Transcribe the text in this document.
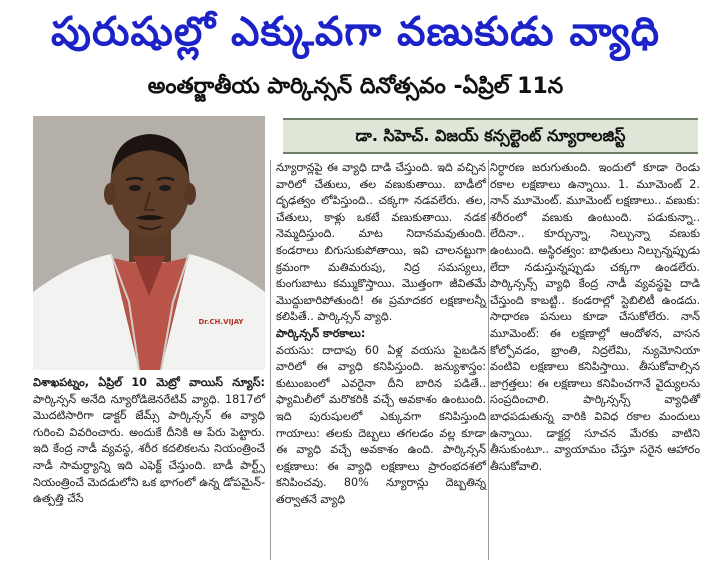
పురుషుల్లో ఎక్కువగా వణుకుడు వ్యాధి
అంతర్జాతీయ పార్కిన్సన్ దినోత్సవం -ఏప్రిల్ 11న
Dr.CH.VIJAY
డా. సిహెచ్. విజయ్ కన్సల్టెంట్ న్యూరాలజిస్ట్

విశాఖపట్నం, ఏప్రిల్ 10 మెట్రో వాయిస్ న్యూస్: పార్కిన్సన్ అనేది న్యూరోడిజెనరేటివ్ వ్యాధి. 1817లో మొదటిసారిగా డాక్టర్ జేమ్స్ పార్కిన్సన్ ఈ వ్యాధి గురించి వివరించారు. అందుకే దీనికి ఆ పేరు పెట్టారు. ఇది కేంద్ర నాడీ వ్యవస్థ, శరీర కదలికలను నియంత్రించే నాడీ సామర్ధ్యాన్ని ఇది ఎఫెక్ట్ చేస్తుంది. బాడీ పార్ట్స్ నియంత్రించే మెదడులోని ఒక భాగంలో ఉన్న డోపమైన్-ఉత్పత్తి చేసే

న్యూరాన్లపై ఈ వ్యాధి దాడి చేస్తుంది. ఇది వచ్చిన వారిలో చేతులు, తల వణుకుతాయి. బాడీలో దృఢత్వం లోపిస్తుంది.. చక్కగా నడవలేరు. తల, చేతులు, కాళ్లు ఒకటే వణుకుతాయి. నడక నెమ్మదిస్తుంది. మాట నిదానమవుతుంది. కండరాలు బిగుసుకుపోతాయి, ఇవి చాలనట్టుగా క్రమంగా మతిమరుపు, నిద్ర సమస్యలు, కుంగుబాటు కమ్ముకొస్తాయి. మొత్తంగా జీవితమే మొద్దుబారిపోతుంది! ఈ ప్రమాదకర లక్షణాలన్నీ కలిపితే.. పార్కిన్సన్ వ్యాధి.

పార్కిన్సన్ కారకాలు:

వయసు: దాదాపు 60 ఏళ్ల వయసు పైబడిన వారిలో ఈ వ్యాధి కనిపిస్తుంది. జన్యుశాస్త్రం: కుటుంబంలో ఎవరైనా దీని బారిన పడితే.. ఫ్యామిలీలో మరొకరికి వచ్చే అవకాశం ఉంటుంది. ఇది పురుషులలో ఎక్కువగా కనిపిస్తుంది గాయాలు: తలకు దెబ్బలు తగలడం వల్ల కూడా ఈ వ్యాధి వచ్చే అవకాశం ఉంది. పార్కిన్సన్ లక్షణాలు: ఈ వ్యాధి లక్షణాలు ప్రారంభదశలో కనిపించవు. 80% న్యూరాన్లు దెబ్బతిన్న తర్వాతనే వ్యాధి

నిర్ధారణ జరుగుతుంది. ఇందులో కూడా రెండు రకాల లక్షణాలు ఉన్నాయి. 1. మూమెంట్ 2. నాన్ మూమెంట్. మూమెంట్ లక్షణాలు.. వణుకు: శరీరంలో వణుకు ఉంటుంది. పడుకున్నా.. లేదినా.. కూర్చున్నా, నిల్చున్నా వణుకు ఉంటుంది. అస్థిరత్వం: బాధితులు నిల్చున్నప్పుడు లేదా నడుస్తున్నప్పుడు చక్కగా ఉండలేరు. పార్కిన్సన్స్ వ్యాధి కేంద్ర నాడీ వ్యవస్థపై దాడి చేస్తుంది కాబట్టి.. కండరాల్లో స్టెబిలిటీ ఉండదు. సాధారణ పనులు కూడా చేసుకోలేరు. నాన్ మూమెంట్: ఈ లక్షణాల్లో ఆందోళన, వాసన కోల్పోవడం, భ్రాంతి, నిద్రలేమి, న్యుమోనియా వంటివి లక్షణాలు కనిపిస్తాయి. తీసుకోవాల్సిన జాగ్రత్తలు: ఈ లక్షణాలు కనిపించగానే వైద్యులను సంప్రదించాలి. పార్కిన్సన్స్ వ్యాధితో బాధపడుతున్న వారికి వివిధ రకాల మందులు ఉన్నాయి. డాక్టర్ల సూచన మేరకు వాటిని తీసుకుంటూ.. వ్యాయామం చేస్తూ సరైన ఆహారం తీసుకోవాలి.
